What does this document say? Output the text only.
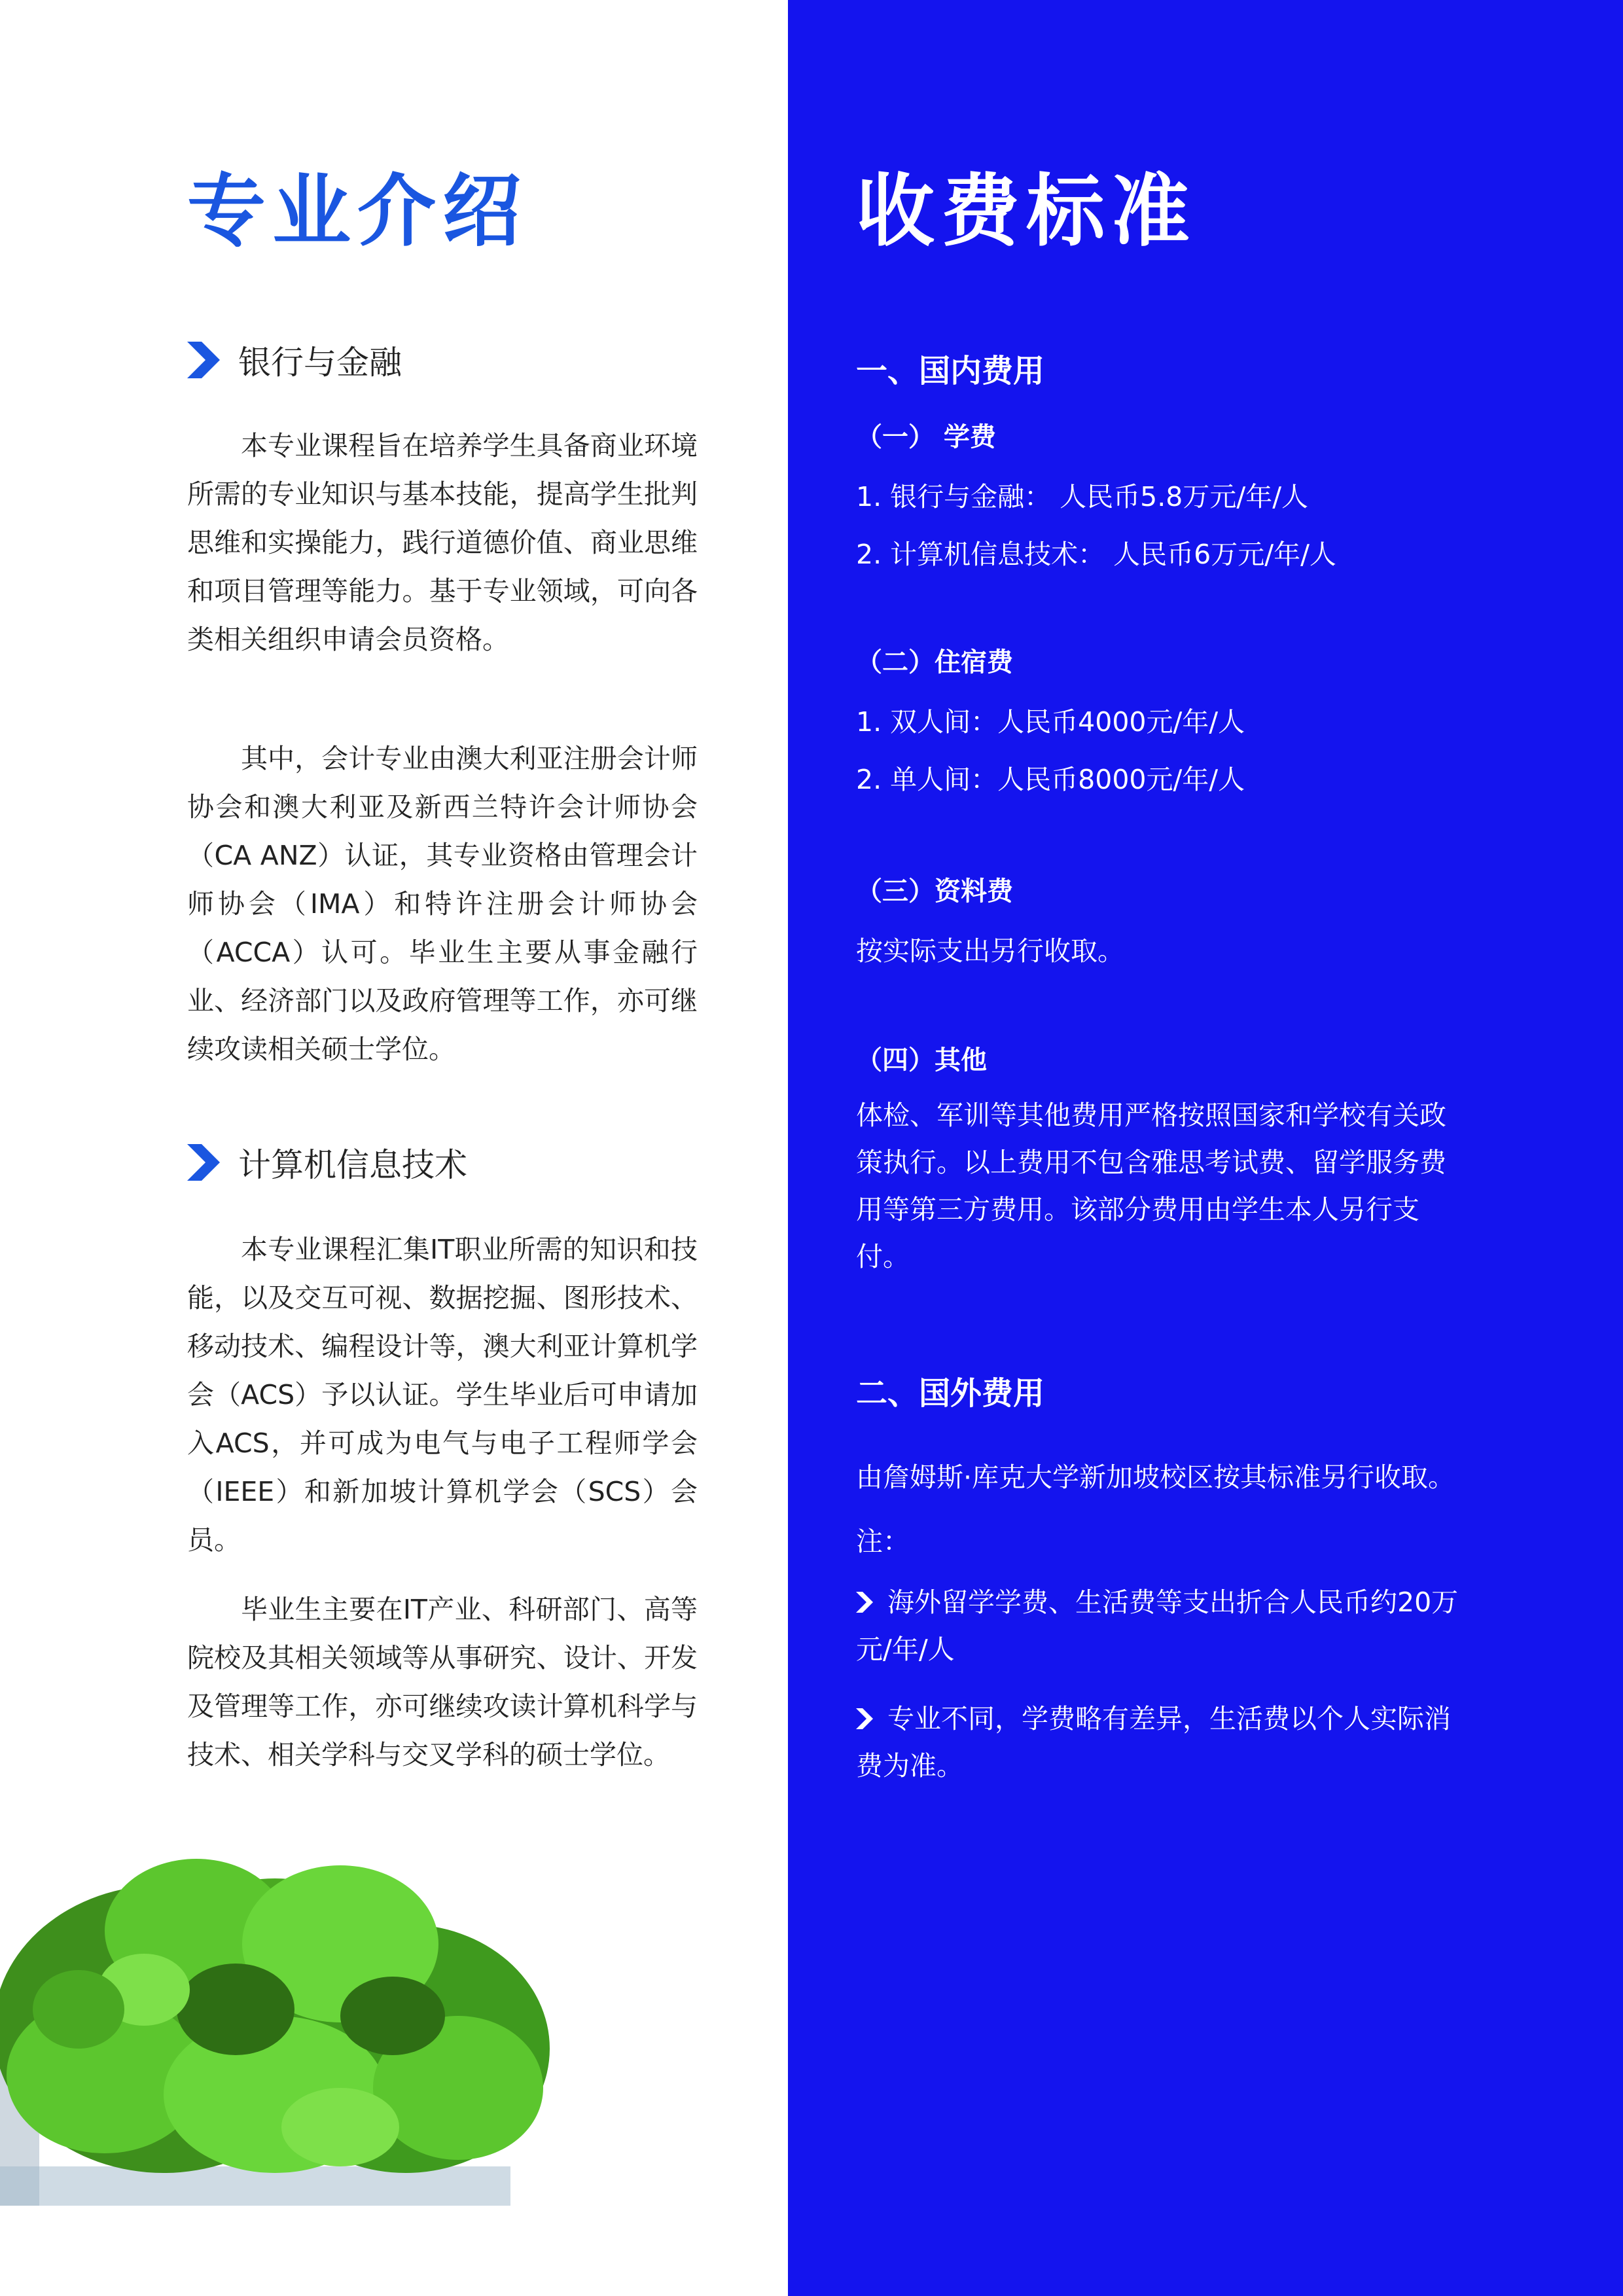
专业介绍
银行与金融

本专业课程旨在培养学生具备商业环境所需的专业知识与基本技能，提高学生批判思维和实操能力，践行道德价值、商业思维和项目管理等能力。基于专业领域，可向各类相关组织申请会员资格。

其中，会计专业由澳大利亚注册会计师协会和澳大利亚及新西兰特许会计师协会（CA ANZ）认证，其专业资格由管理会计师协会（IMA）和特许注册会计师协会（ACCA）认可。毕业生主要从事金融行业、经济部门以及政府管理等工作，亦可继续攻读相关硕士学位。

计算机信息技术

本专业课程汇集IT职业所需的知识和技能，以及交互可视、数据挖掘、图形技术、移动技术、编程设计等，澳大利亚计算机学会（ACS）予以认证。学生毕业后可申请加入ACS，并可成为电气与电子工程师学会（IEEE）和新加坡计算机学会（SCS）会员。

毕业生主要在IT产业、科研部门、高等院校及其相关领域等从事研究、设计、开发及管理等工作，亦可继续攻读计算机科学与技术、相关学科与交叉学科的硕士学位。

收费标准

一、国内费用

（一） 学费

1. 银行与金融： 人民币5.8万元/年/人

2. 计算机信息技术： 人民币6万元/年/人

（二）住宿费

1. 双人间：人民币4000元/年/人

2. 单人间：人民币8000元/年/人

（三）资料费

按实际支出另行收取。

（四）其他

体检、军训等其他费用严格按照国家和学校有关政策执行。以上费用不包含雅思考试费、留学服务费用等第三方费用。该部分费用由学生本人另行支付。

二、国外费用

由詹姆斯·库克大学新加坡校区按其标准另行收取。

注：

海外留学学费、生活费等支出折合人民币约20万元/年/人

专业不同，学费略有差异，生活费以个人实际消费为准。
